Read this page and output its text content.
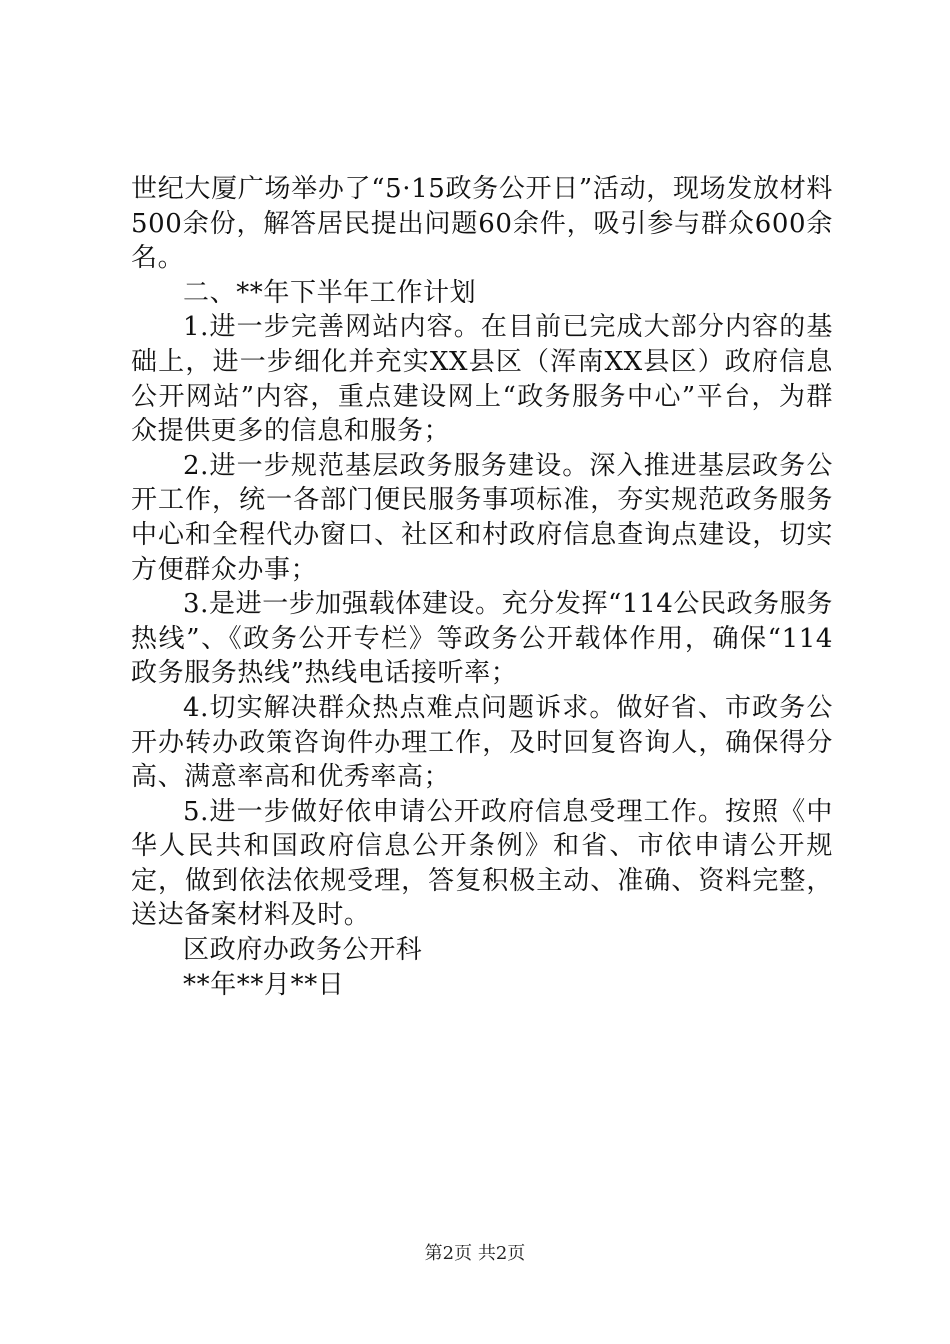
世纪大厦广场举办了“5·15政务公开日”活动，现场发放材料500余份，解答居民提出问题60余件，吸引参与群众600余名。

二、**年下半年工作计划

1.进一步完善网站内容。在目前已完成大部分内容的基础上，进一步细化并充实XX县区（浑南XX县区）政府信息公开网站”内容，重点建设网上“政务服务中心”平台，为群众提供更多的信息和服务；

2.进一步规范基层政务服务建设。深入推进基层政务公开工作，统一各部门便民服务事项标准，夯实规范政务服务中心和全程代办窗口、社区和村政府信息查询点建设，切实方便群众办事；

3.是进一步加强载体建设。充分发挥“114公民政务服务热线”、《政务公开专栏》等政务公开载体作用，确保“114政务服务热线”热线电话接听率；

4.切实解决群众热点难点问题诉求。做好省、市政务公开办转办政策咨询件办理工作，及时回复咨询人，确保得分高、满意率高和优秀率高；

5.进一步做好依申请公开政府信息受理工作。按照《中华人民共和国政府信息公开条例》和省、市依申请公开规定，做到依法依规受理，答复积极主动、准确、资料完整，送达备案材料及时。

区政府办政务公开科

**年**月**日

第2页 共2页
